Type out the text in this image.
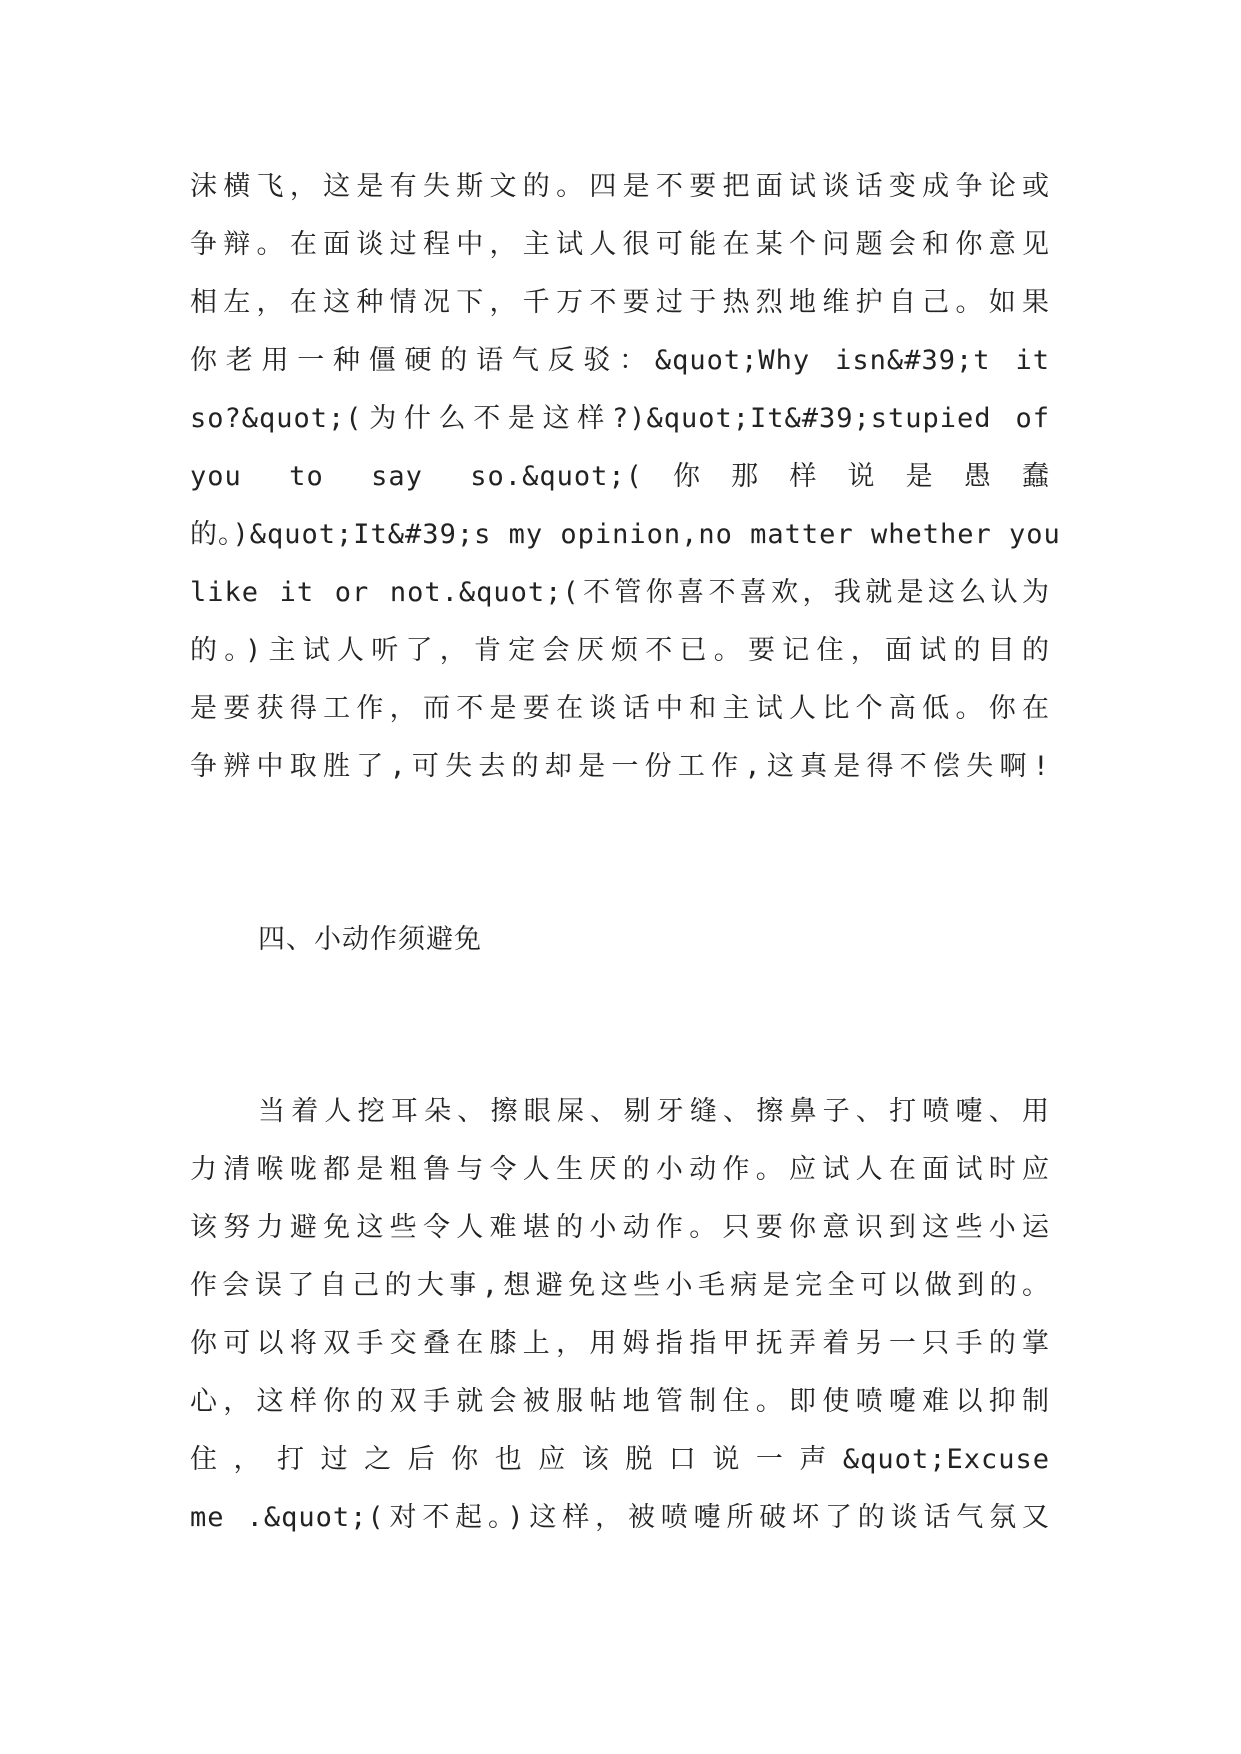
沫横飞，这是有失斯文的。四是不要把面试谈话变成争论或
争辩。在面谈过程中，主试人很可能在某个问题会和你意见
相左，在这种情况下，千万不要过于热烈地维护自己。如果
你老用一种僵硬的语气反驳：&quot;Why isn&#39;t it
so?&quot;(为什么不是这样?)&quot;It&#39;stupied of
you to say so.&quot;(你那样说是愚蠢
的。)&quot;It&#39;s my opinion,no matter whether you
like it or not.&quot;(不管你喜不喜欢，我就是这么认为
的。)主试人听了，肯定会厌烦不已。要记住，面试的目的
是要获得工作，而不是要在谈话中和主试人比个高低。你在
争辨中取胜了,可失去的却是一份工作,这真是得不偿失啊!
四、小动作须避免
当着人挖耳朵、擦眼屎、剔牙缝、擦鼻子、打喷嚏、用
力清喉咙都是粗鲁与令人生厌的小动作。应试人在面试时应
该努力避免这些令人难堪的小动作。只要你意识到这些小运
作会误了自己的大事,想避免这些小毛病是完全可以做到的。
你可以将双手交叠在膝上，用姆指指甲抚弄着另一只手的掌
心，这样你的双手就会被服帖地管制住。即使喷嚏难以抑制
住，打过之后你也应该脱口说一声&quot;Excuse
me .&quot;(对不起。)这样，被喷嚏所破坏了的谈话气氛又
